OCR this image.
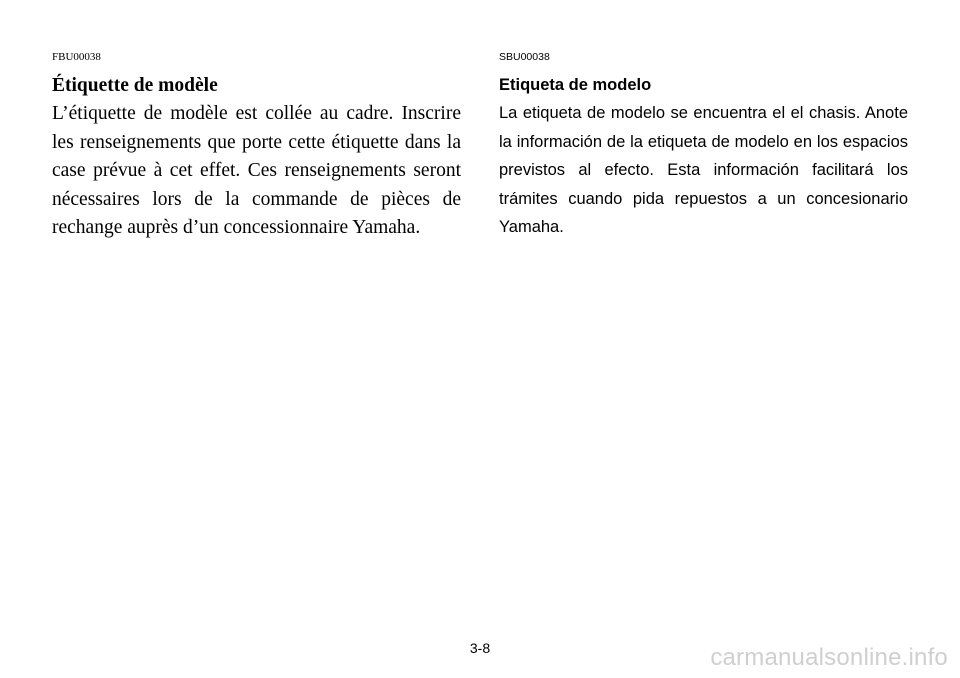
FBU00038
Étiquette de modèle

L’étiquette de modèle est collée au cadre. Inscrire les renseignements que porte cette étiquette dans la case prévue à cet effet. Ces renseignements seront nécessaires lors de la commande de pièces de rechange auprès d’un concessionnaire Yamaha.

SBU00038
Etiqueta de modelo

La etiqueta de modelo se encuentra el el chasis. Anote la información de la etiqueta de modelo en los espacios previstos al efecto. Esta información facilitará los trámites cuando pida repuestos a un concesionario Yamaha.

3-8	carmanualsonline.info
